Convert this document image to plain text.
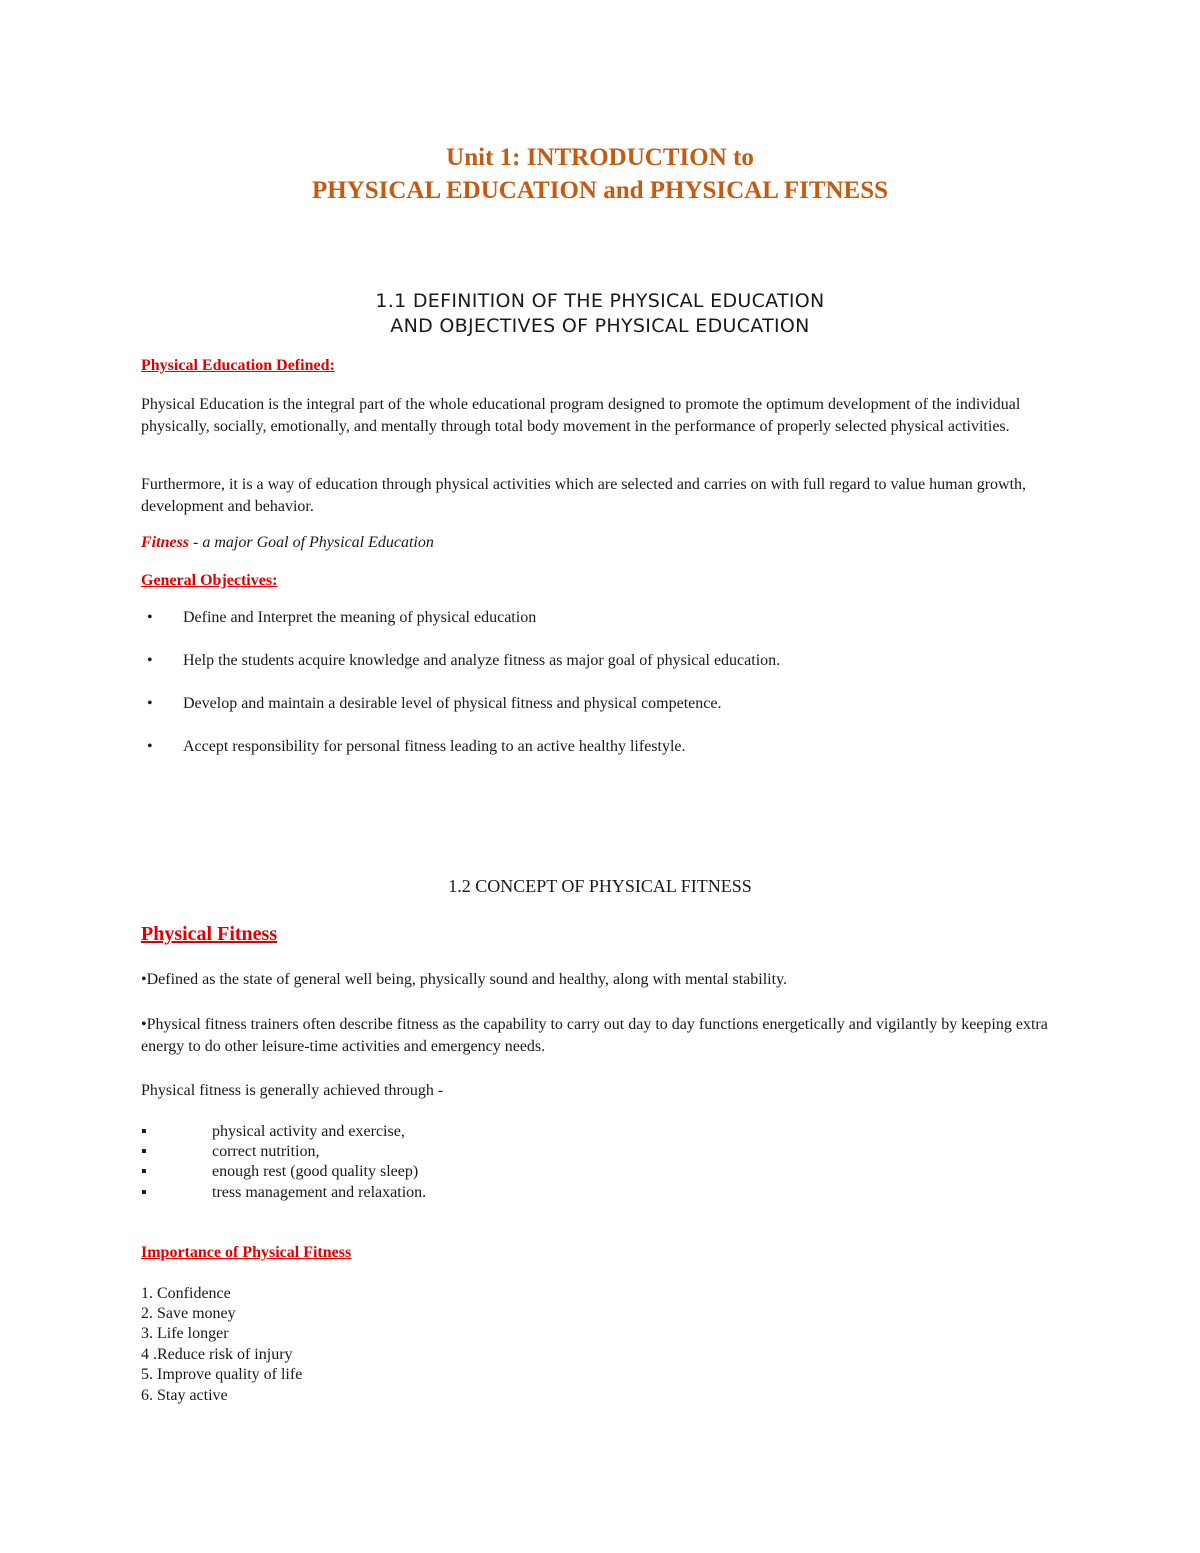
Unit 1: INTRODUCTION to
PHYSICAL EDUCATION and PHYSICAL FITNESS
1.1 DEFINITION OF THE PHYSICAL EDUCATION
AND OBJECTIVES OF PHYSICAL EDUCATION
Physical Education Defined:
Physical Education is the integral part of the whole educational program designed to promote the optimum development of the individual physically, socially, emotionally, and mentally through total body movement in the performance of properly selected physical activities.
Furthermore, it is a way of education through physical activities which are selected and carries on with full regard to value human growth, development and behavior.
Fitness - a major Goal of Physical Education
General Objectives:
• Define and Interpret the meaning of physical education
• Help the students acquire knowledge and analyze fitness as major goal of physical education.
• Develop and maintain a desirable level of physical fitness and physical competence.
• Accept responsibility for personal fitness leading to an active healthy lifestyle.
1.2 CONCEPT OF PHYSICAL FITNESS
Physical Fitness
•Defined as the state of general well being, physically sound and healthy, along with mental stability.
•Physical fitness trainers often describe fitness as the capability to carry out day to day functions energetically and vigilantly by keeping extra energy to do other leisure-time activities and emergency needs.
Physical fitness is generally achieved through -
▪	physical activity and exercise,
▪	correct nutrition,
▪	enough rest (good quality sleep)
▪	tress management and relaxation.
Importance of Physical Fitness
1. Confidence
2. Save money
3. Life longer
4 .Reduce risk of injury
5. Improve quality of life
6. Stay active
